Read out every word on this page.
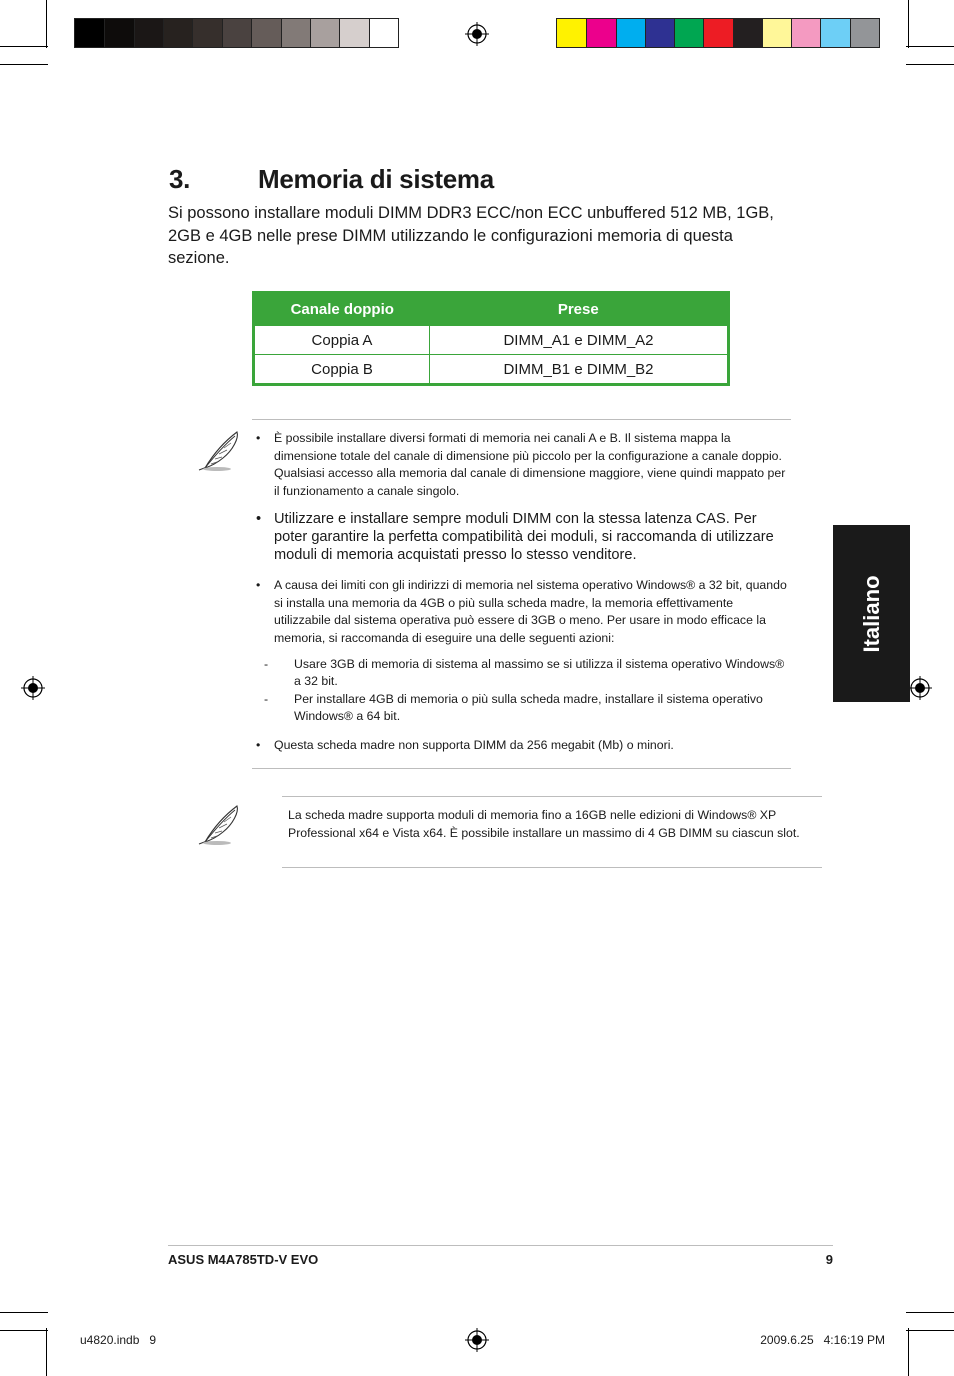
3.	Memoria di sistema
Si possono installare moduli DIMM DDR3 ECC/non ECC unbuffered 512 MB, 1GB, 2GB e 4GB nelle prese DIMM utilizzando le configurazioni memoria di questa sezione.
Canale doppio	Prese
Coppia A	DIMM_A1 e DIMM_A2
Coppia B	DIMM_B1 e DIMM_B2
• È possibile installare diversi formati di memoria nei canali A e B. Il sistema mappa la dimensione totale del canale di dimensione più piccolo per la configurazione a canale doppio. Qualsiasi accesso alla memoria dal canale di dimensione maggiore, viene quindi mappato per il funzionamento a canale singolo.
• Utilizzare e installare sempre moduli DIMM con la stessa latenza CAS. Per poter garantire la perfetta compatibilità dei moduli, si raccomanda di utilizzare moduli di memoria acquistati presso lo stesso venditore.
• A causa dei limiti con gli indirizzi di memoria nel sistema operativo Windows® a 32 bit, quando si installa una memoria da 4GB o più sulla scheda madre, la memoria effettivamente utilizzabile dal sistema operativa può essere di 3GB o meno. Per usare in modo efficace la memoria, si raccomanda di eseguire una delle seguenti azioni:
- Usare 3GB di memoria di sistema al massimo se si utilizza il sistema operativo Windows® a 32 bit.
- Per installare 4GB di memoria o più sulla scheda madre, installare il sistema operativo Windows® a 64 bit.
• Questa scheda madre non supporta DIMM da 256 megabit (Mb) o minori.
La scheda madre supporta moduli di memoria fino a 16GB nelle edizioni di Windows® XP Professional x64 e Vista x64. È possibile installare un massimo di 4 GB DIMM su ciascun slot.
Italiano
ASUS M4A785TD-V EVO	9
u4820.indb   9	2009.6.25   4:16:19 PM
